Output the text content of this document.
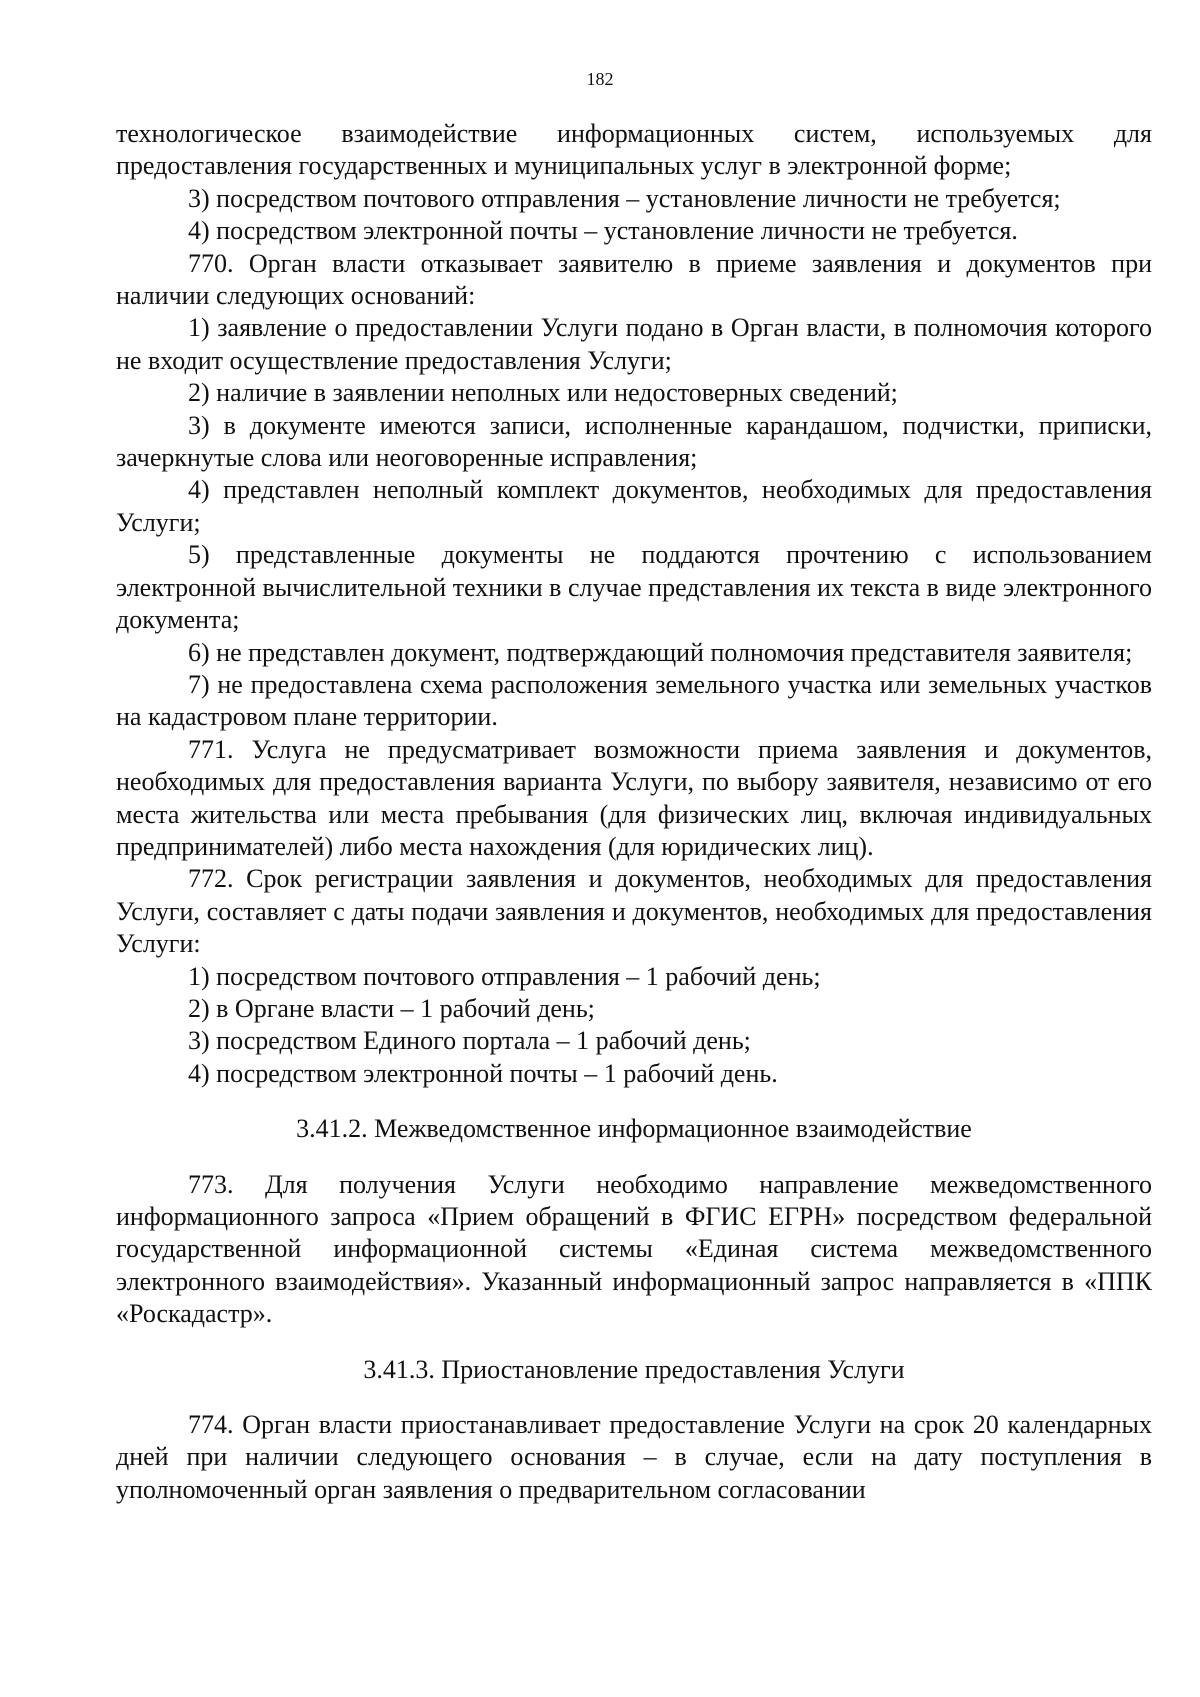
182

технологическое взаимодействие информационных систем, используемых для предоставления государственных и муниципальных услуг в электронной форме;

3) посредством почтового отправления – установление личности не требуется;

4) посредством электронной почты – установление личности не требуется.

770. Орган власти отказывает заявителю в приеме заявления и документов при наличии следующих оснований:

1) заявление о предоставлении Услуги подано в Орган власти, в полномочия которого не входит осуществление предоставления Услуги;

2) наличие в заявлении неполных или недостоверных сведений;

3) в документе имеются записи, исполненные карандашом, подчистки, приписки, зачеркнутые слова или неоговоренные исправления;

4) представлен неполный комплект документов, необходимых для предоставления Услуги;

5) представленные документы не поддаются прочтению с использованием электронной вычислительной техники в случае представления их текста в виде электронного документа;

6) не представлен документ, подтверждающий полномочия представителя заявителя;

7) не предоставлена схема расположения земельного участка или земельных участков на кадастровом плане территории.

771. Услуга не предусматривает возможности приема заявления и документов, необходимых для предоставления варианта Услуги, по выбору заявителя, независимо от его места жительства или места пребывания (для физических лиц, включая индивидуальных предпринимателей) либо места нахождения (для юридических лиц).

772. Срок регистрации заявления и документов, необходимых для предоставления Услуги, составляет с даты подачи заявления и документов, необходимых для предоставления Услуги:

1) посредством почтового отправления – 1 рабочий день;

2) в Органе власти – 1 рабочий день;

3) посредством Единого портала – 1 рабочий день;

4) посредством электронной почты – 1 рабочий день.

3.41.2. Межведомственное информационное взаимодействие

773. Для получения Услуги необходимо направление межведомственного информационного запроса «Прием обращений в ФГИС ЕГРН» посредством федеральной государственной информационной системы «Единая система межведомственного электронного взаимодействия». Указанный информационный запрос направляется в «ППК «Роскадастр».

3.41.3. Приостановление предоставления Услуги

774. Орган власти приостанавливает предоставление Услуги на срок 20 календарных дней при наличии следующего основания – в случае, если на дату поступления в уполномоченный орган заявления о предварительном согласовании
